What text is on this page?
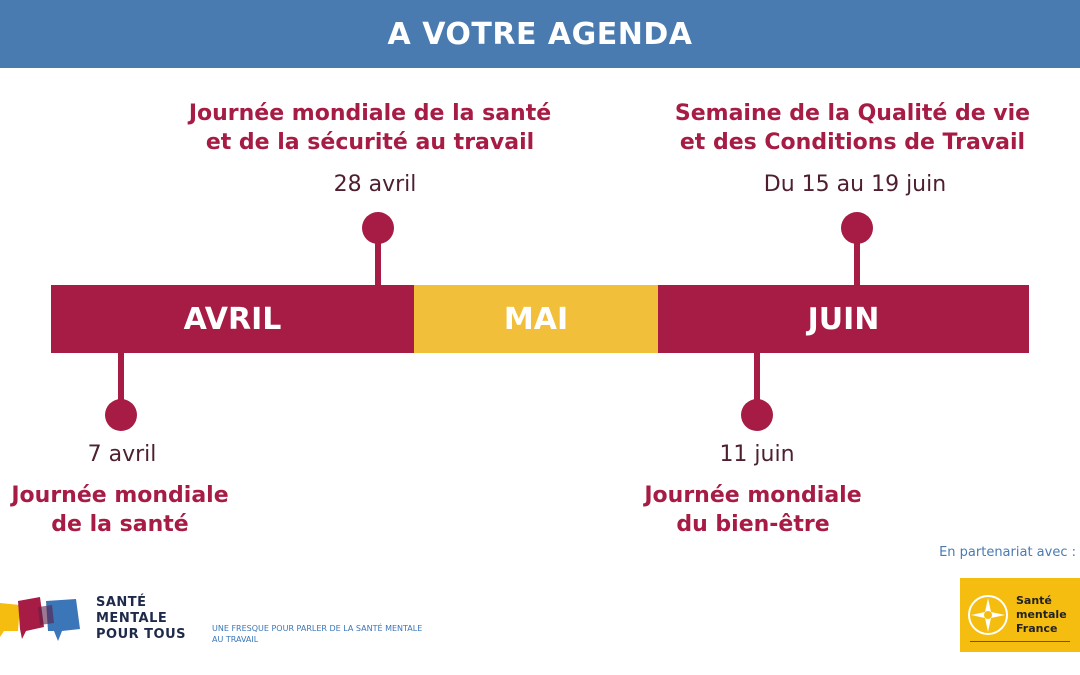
A VOTRE AGENDA
AVRIL	MAI	JUIN
Journée mondiale de la santé
et de la sécurité au travail
28 avril
Semaine de la Qualité de vie
et des Conditions de Travail
Du 15 au 19 juin
7 avril
Journée mondiale
de la santé
11 juin
Journée mondiale
du bien-être
SANTÉ
MENTALE
POUR TOUS	UNE FRESQUE POUR PARLER DE LA SANTÉ MENTALE
AU TRAVAIL
En partenariat avec :
Santé
mentale
France
